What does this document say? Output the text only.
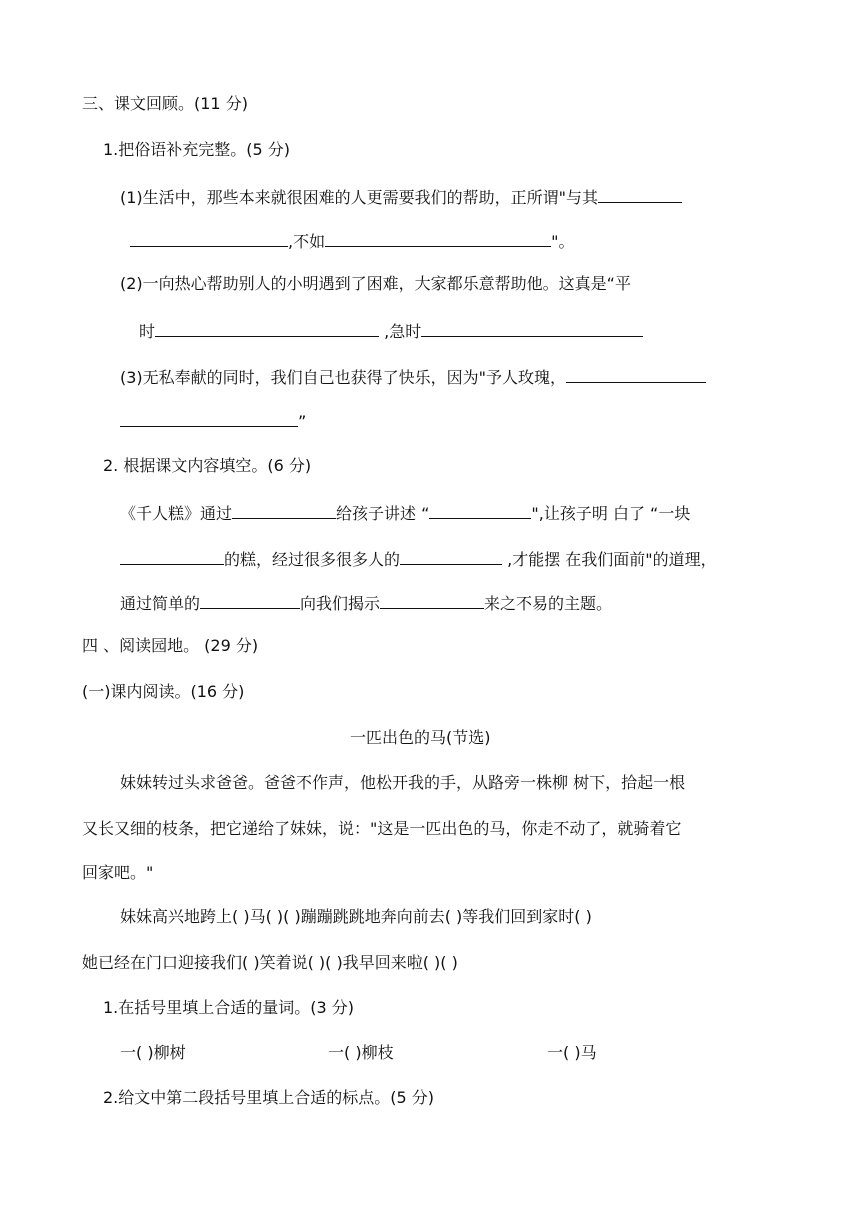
三、课文回顾。(11 分)
1.把俗语补充完整。(5 分)
(1)生活中，那些本来就很困难的人更需要我们的帮助，正所谓"与其
,不如	"。
(2)一向热心帮助别人的小明遇到了困难，大家都乐意帮助他。这真是“平
时	,急时
(3)无私奉献的同时，我们自己也获得了快乐，因为"予人玫瑰，
”
2. 根据课文内容填空。(6 分)
《千人糕》通过	给孩子讲述 “	",让孩子明 白了 “一块
的糕，经过很多很多人的	,才能摆 在我们面前"的道理，
通过简单的	向我们揭示	来之不易的主题。
四 、阅读园地。 (29 分)
(一)课内阅读。(16 分)
一匹出色的马(节选)
妹妹转过头求爸爸。爸爸不作声，他松开我的手，从路旁一株柳 树下，拾起一根
又长又细的枝条，把它递给了妹妹，说："这是一匹出色的马，你走不动了，就骑着它
回家吧。"
妹妹高兴地跨上( )马( )( )蹦蹦跳跳地奔向前去( )等我们回到家时( )
她已经在门口迎接我们( )笑着说( )( )我早回来啦( )( )
1.在括号里填上合适的量词。(3 分)
一( )柳树	一( )柳枝	一( )马
2.给文中第二段括号里填上合适的标点。(5 分)
